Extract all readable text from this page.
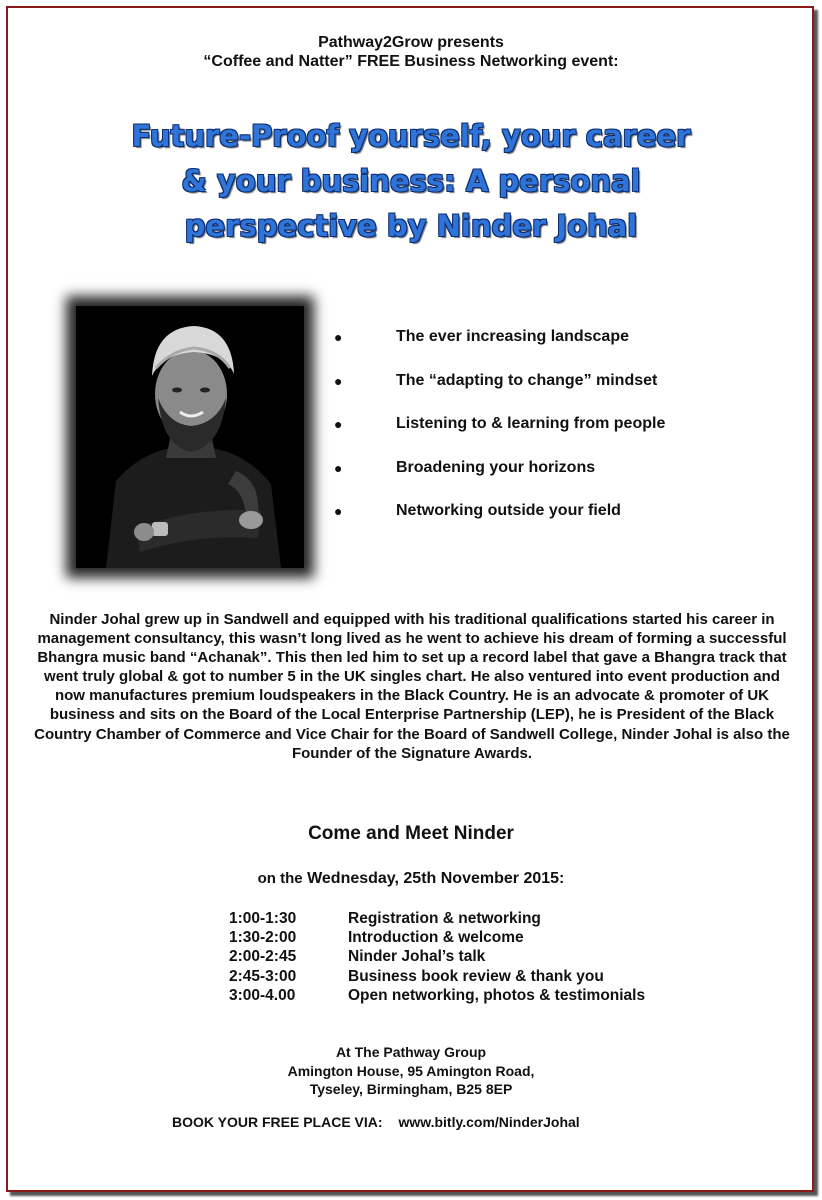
Pathway2Grow presents
“Coffee and Natter” FREE Business Networking event:
Future-Proof yourself, your career
& your business: A personal
perspective by Ninder Johal
●	The ever increasing landscape
●	The “adapting to change” mindset
●	Listening to & learning from people
●	Broadening your horizons
●	Networking outside your field
Ninder Johal grew up in Sandwell and equipped with his traditional qualifications started his career in management consultancy, this wasn’t long lived as he went to achieve his dream of forming a successful Bhangra music band “Achanak”. This then led him to set up a record label that gave a Bhangra track that went truly global & got to number 5 in the UK singles chart. He also ventured into event production and now manufactures premium loudspeakers in the Black Country. He is an advocate & promoter of UK business and sits on the Board of the Local Enterprise Partnership (LEP), he is President of the Black Country Chamber of Commerce and Vice Chair for the Board of Sandwell College, Ninder Johal is also the Founder of the Signature Awards.
Come and Meet Ninder
on the Wednesday, 25th November 2015:
1:00-1:30	Registration & networking
1:30-2:00	Introduction & welcome
2:00-2:45	Ninder Johal’s talk
2:45-3:00	Business book review & thank you
3:00-4.00	Open networking, photos & testimonials
At The Pathway Group
Amington House, 95 Amington Road,
Tyseley, Birmingham, B25 8EP
BOOK YOUR FREE PLACE VIA: www.bitly.com/NinderJohal
